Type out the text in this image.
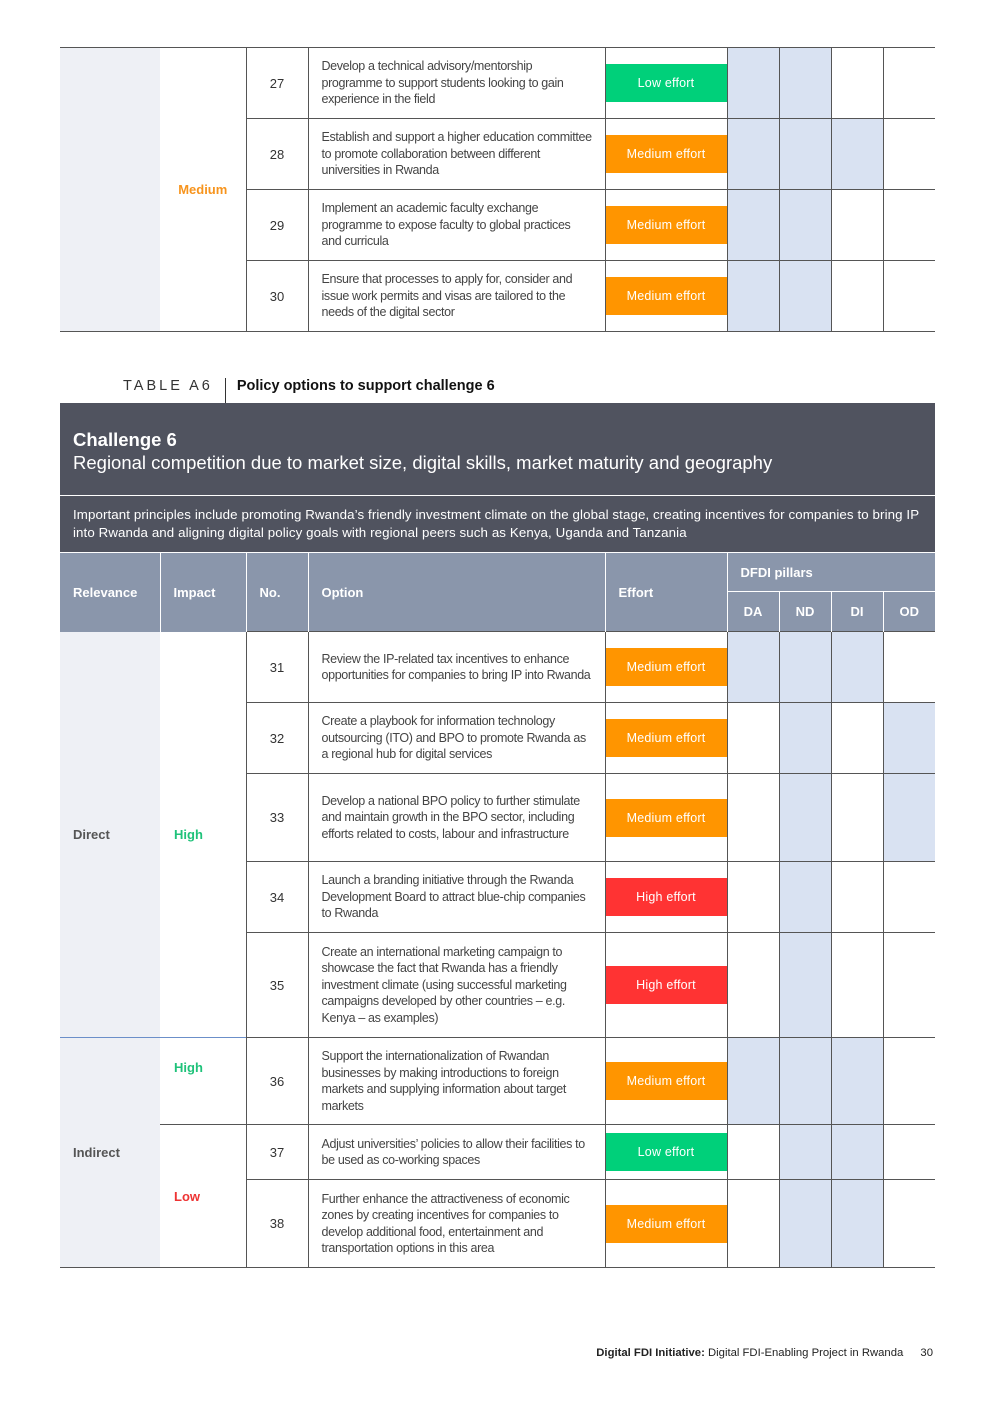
	Medium	27	Develop a technical advisory/mentorship programme to support students looking to gain experience in the field	Low effort				

		28	Establish and support a higher education committee to promote collaboration between different universities in Rwanda	Medium effort				

		29	Implement an academic faculty exchange programme to expose faculty to global practices and curricula	Medium effort				

		30	Ensure that processes to apply for, consider and issue work permits and visas are tailored to the needs of the digital sector	Medium effort				

TABLE A6 Policy options to support challenge 6
Challenge 6
Regional competition due to market size, digital skills, market maturity and geography
Important principles include promoting Rwanda’s friendly investment climate on the global stage, creating incentives for companies to bring IP into Rwanda and aligning digital policy goals with regional peers such as Kenya, Uganda and Tanzania
Relevance	Impact	No.	Option	Effort	DFDI pillars			
					DA	ND	DI	OD
Direct	High	31	Review the IP-related tax incentives to enhance opportunities for companies to bring IP into Rwanda	Medium effort				

		32	Create a playbook for information technology outsourcing (ITO) and BPO to promote Rwanda as a regional hub for digital services	Medium effort				

		33	Develop a national BPO policy to further stimulate and maintain growth in the BPO sector, including efforts related to costs, labour and infrastructure	Medium effort				

		34	Launch a branding initiative through the Rwanda Development Board to attract blue-chip companies to Rwanda	High effort				

		35	Create an international marketing campaign to showcase the fact that Rwanda has a friendly investment climate (using successful marketing campaigns developed by other countries – e.g. Kenya – as examples)	High effort				

Indirect	High	36	Support the internationalization of Rwandan businesses by making introductions to foreign markets and supplying information about target markets	Medium effort				

	Low	37	Adjust universities’ policies to allow their facilities to be used as co-working spaces	Low effort				

		38	Further enhance the attractiveness of economic zones by creating incentives for companies to develop additional food, entertainment and transportation options in this area	Medium effort				

Digital FDI Initiative: Digital FDI-Enabling Project in Rwanda 30
